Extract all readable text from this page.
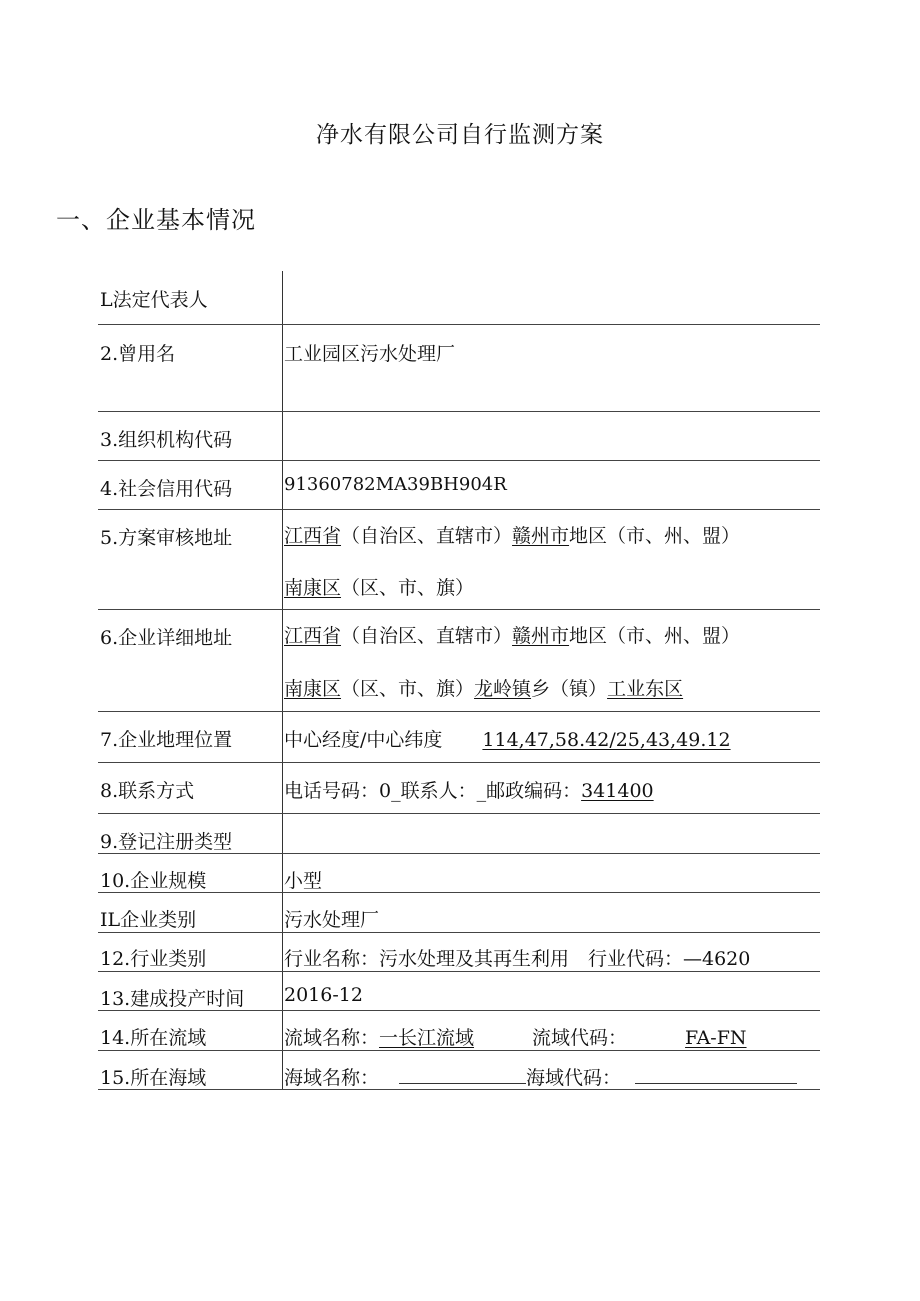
净水有限公司自行监测方案
一、企业基本情况
L法定代表人
2.曾用名	工业园区污水处理厂
3.组织机构代码
4.社会信用代码	91360782MA39BH904R
5.方案审核地址	江西省（自治区、直辖市）赣州市地区（市、州、盟）
南康区（区、市、旗）
6.企业详细地址	江西省（自治区、直辖市）赣州市地区（市、州、盟）
南康区（区、市、旗）龙岭镇乡（镇）工业东区
7.企业地理位置	中心经度/中心纬度 114,47,58.42/25,43,49.12
8.联系方式	电话号码：0_联系人：_邮政编码：341400
9.登记注册类型
10.企业规模	小型
IL企业类别	污水处理厂
12.行业类别	行业名称：污水处理及其再生利用　行业代码：—4620
13.建成投产时间 2016-12
14.所在流域	流域名称：一长江流域	流域代码：	FA-FN
15.所在海域	海域名称：	海域代码：
